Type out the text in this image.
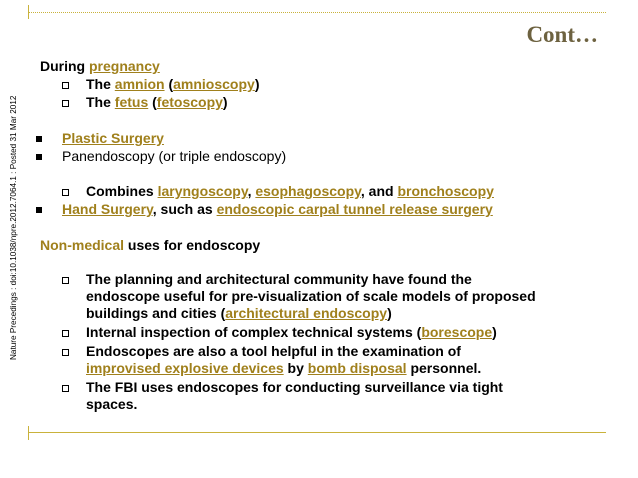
Nature Precedings : doi:10.1038/npre.2012.7064.1 : Posted 31 Mar 2012
Cont…
During pregnancy
The amnion (amnioscopy)
The fetus (fetoscopy)
Plastic Surgery
Panendoscopy (or triple endoscopy)
Combines laryngoscopy, esophagoscopy, and bronchoscopy
Hand Surgery, such as endoscopic carpal tunnel release surgery
Non-medical uses for endoscopy
The planning and architectural community have found the
endoscope useful for pre-visualization of scale models of proposed
buildings and cities (architectural endoscopy)
Internal inspection of complex technical systems (borescope)
Endoscopes are also a tool helpful in the examination of
improvised explosive devices by bomb disposal personnel.
The FBI uses endoscopes for conducting surveillance via tight
spaces.
